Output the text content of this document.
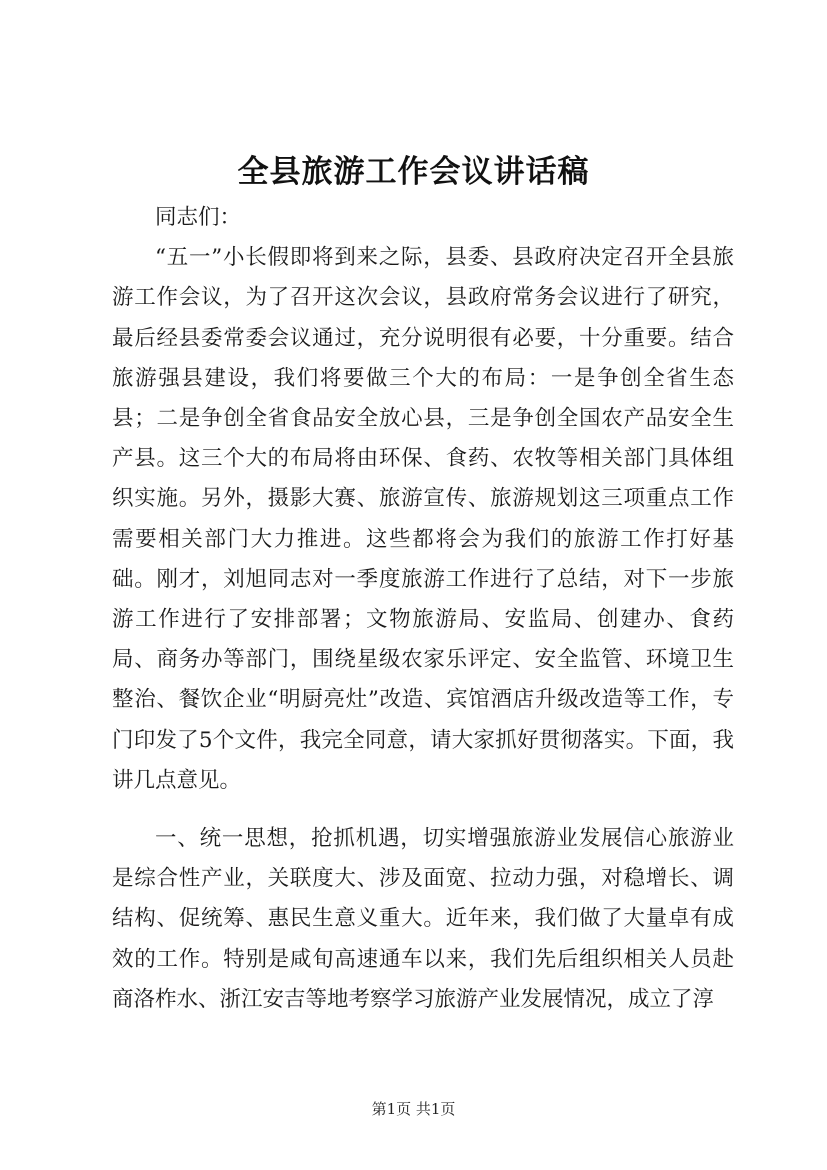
全县旅游工作会议讲话稿

同志们：

“五一”小长假即将到来之际，县委、县政府决定召开全县旅游工作会议，为了召开这次会议，县政府常务会议进行了研究，最后经县委常委会议通过，充分说明很有必要，十分重要。结合旅游强县建设，我们将要做三个大的布局：一是争创全省生态县；二是争创全省食品安全放心县，三是争创全国农产品安全生产县。这三个大的布局将由环保、食药、农牧等相关部门具体组织实施。另外，摄影大赛、旅游宣传、旅游规划这三项重点工作需要相关部门大力推进。这些都将会为我们的旅游工作打好基础。刚才，刘旭同志对一季度旅游工作进行了总结，对下一步旅游工作进行了安排部署；文物旅游局、安监局、创建办、食药局、商务办等部门，围绕星级农家乐评定、安全监管、环境卫生整治、餐饮企业“明厨亮灶”改造、宾馆酒店升级改造等工作，专门印发了5个文件，我完全同意，请大家抓好贯彻落实。下面，我讲几点意见。

一、统一思想，抢抓机遇，切实增强旅游业发展信心旅游业是综合性产业，关联度大、涉及面宽、拉动力强，对稳增长、调结构、促统筹、惠民生意义重大。近年来，我们做了大量卓有成效的工作。特别是咸旬高速通车以来，我们先后组织相关人员赴商洛柞水、浙江安吉等地考察学习旅游产业发展情况，成立了淳

第1页 共1页
